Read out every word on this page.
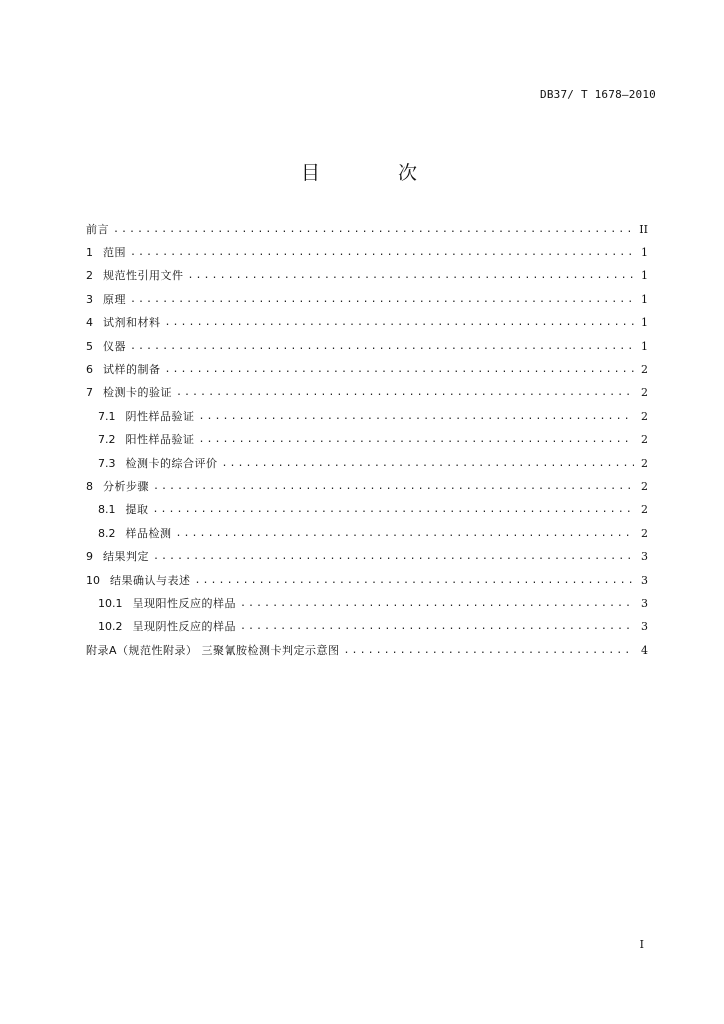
DB37/ T 1678—2010
目 次
前言 .....	II
1 范围 .....	1
2 规范性引用文件 .....	1
3 原理 .....	1
4 试剂和材料 .....	1
5 仪器 .....	1
6 试样的制备 .....	2
7 检测卡的验证 .....	2
7.1 阴性样品验证 .....	2
7.2 阳性样品验证 .....	2
7.3 检测卡的综合评价 .....	2
8 分析步骤 .....	2
8.1 提取 .....	2
8.2 样品检测 .....	2
9 结果判定 .....	3
10 结果确认与表述 .....	3
10.1 呈现阳性反应的样品 .....	3
10.2 呈现阴性反应的样品 .....	3
附录A（规范性附录） 三聚氰胺检测卡判定示意图 .....	4
I
